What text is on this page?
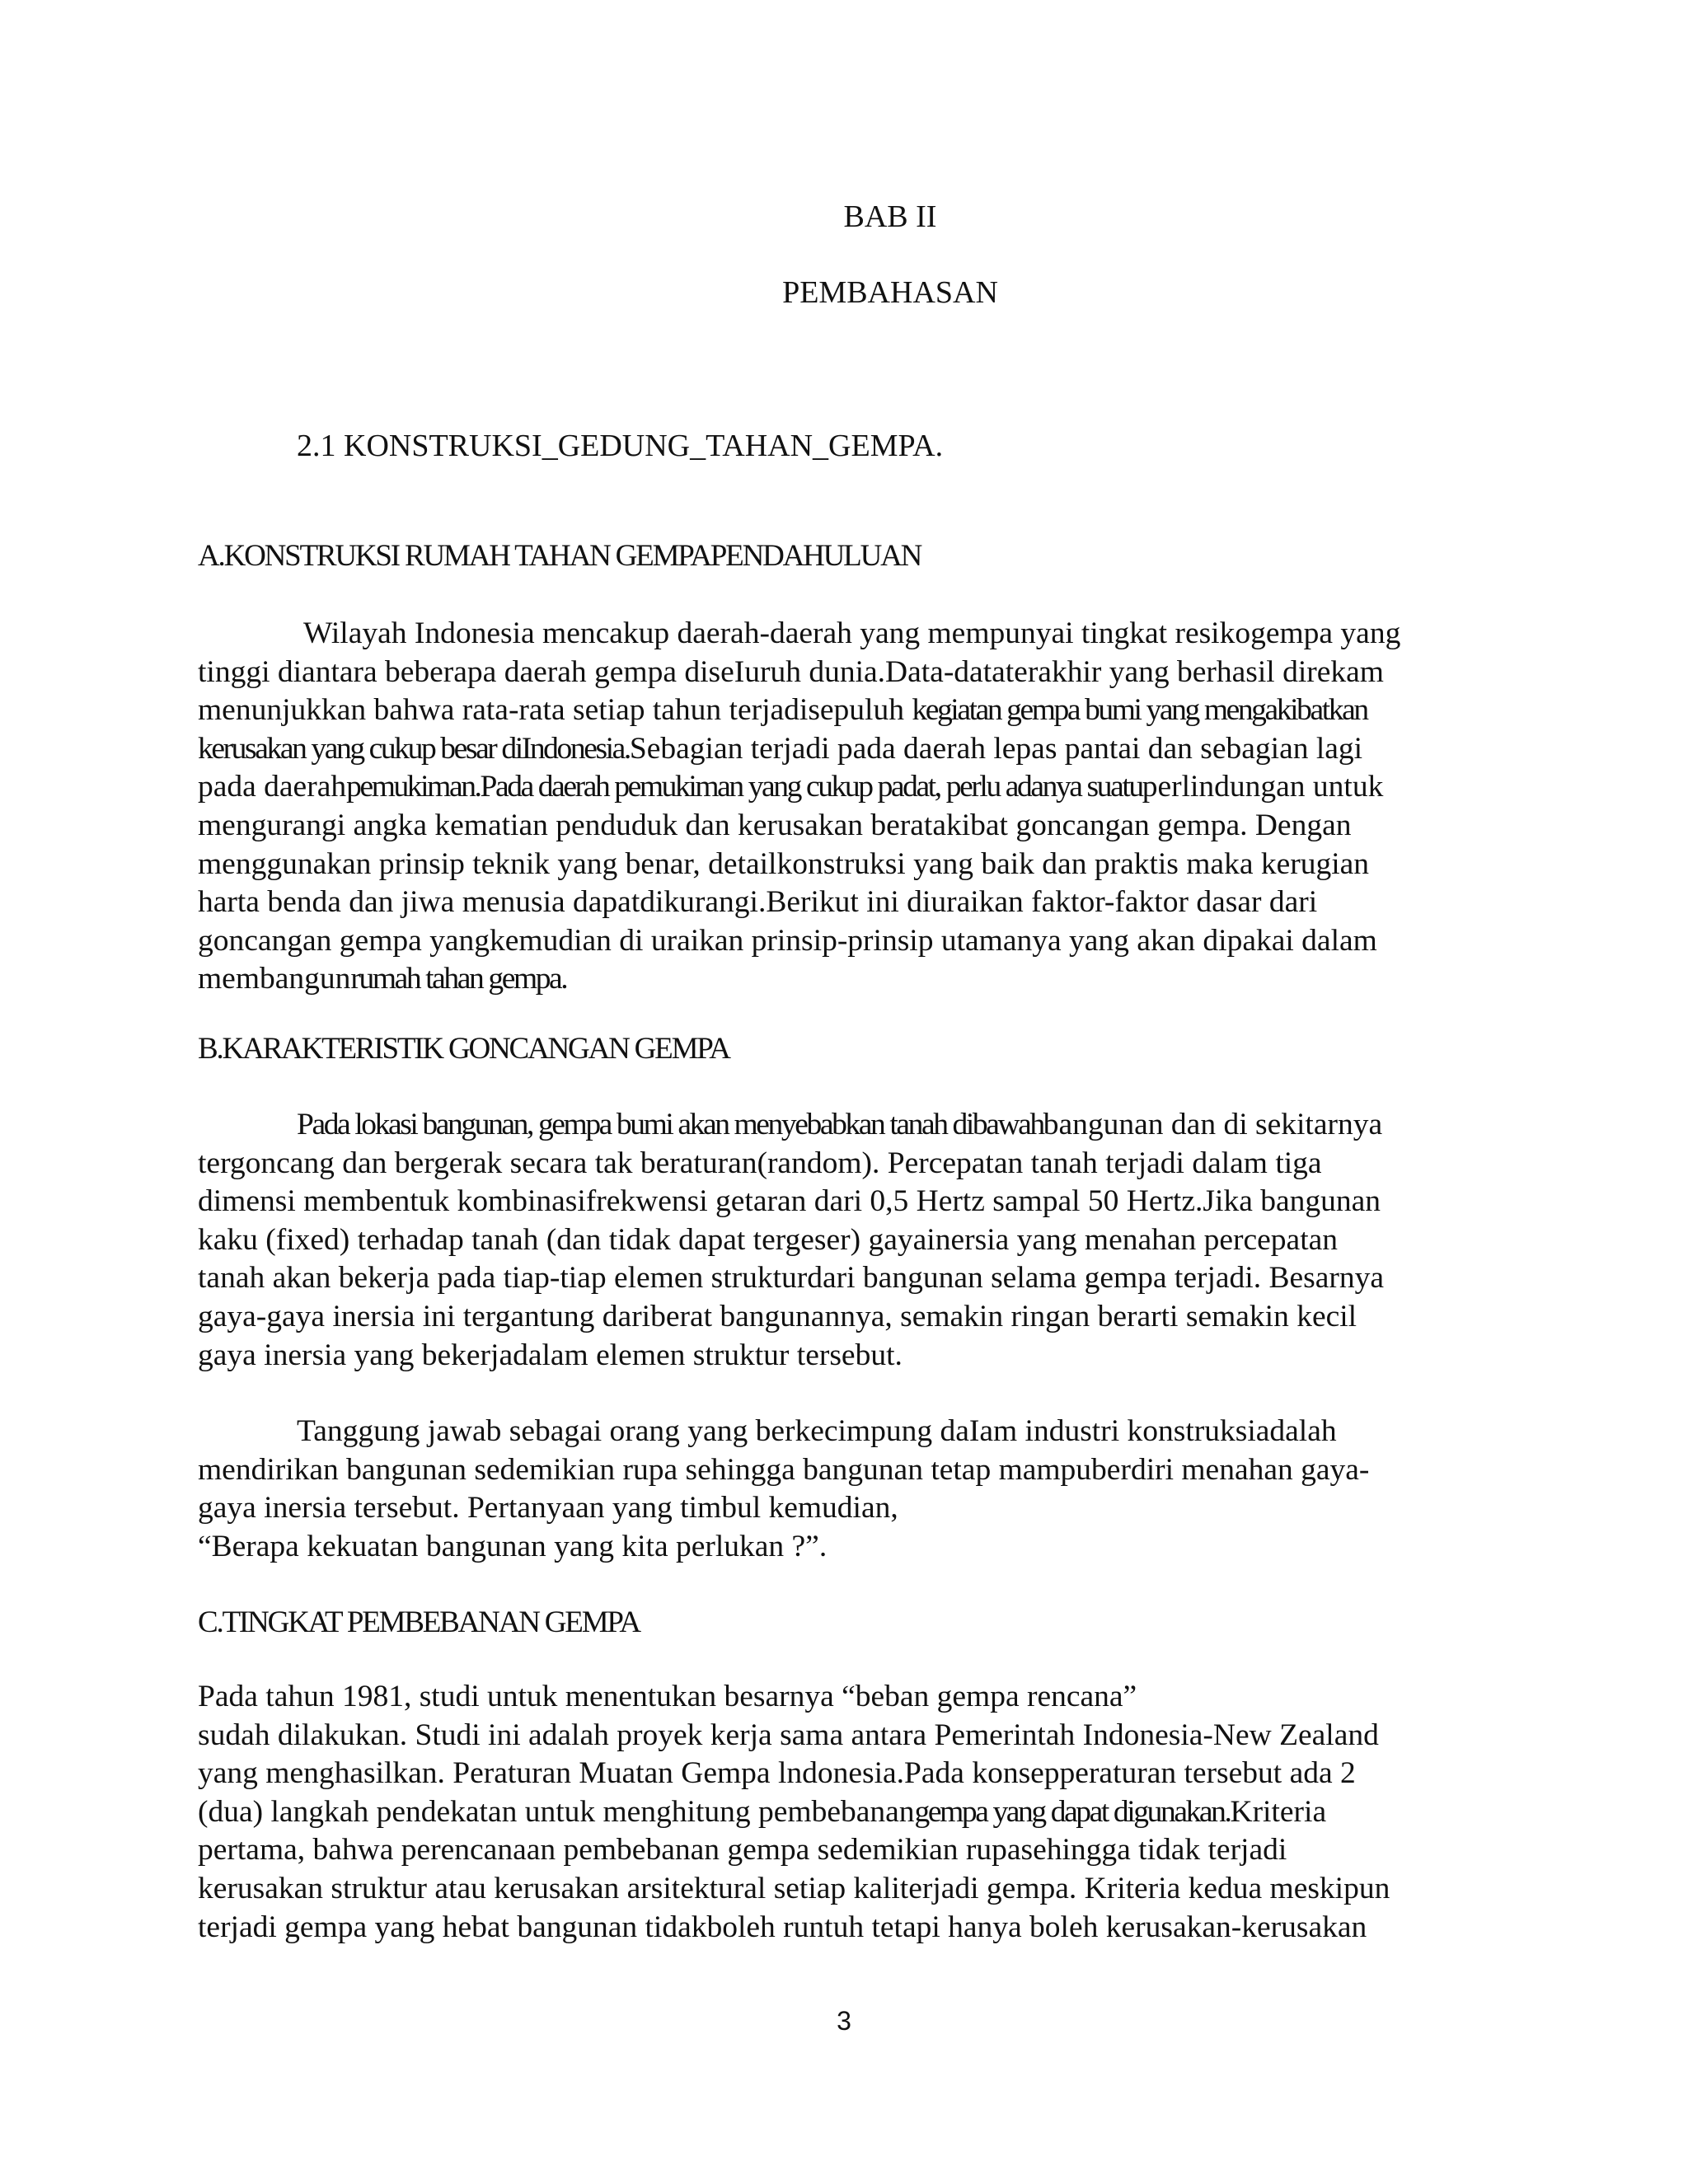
BAB II
PEMBAHASAN
2.1 KONSTRUKSI_GEDUNG_TAHAN_GEMPA.
A.KONSTRUKSI RUMAH TAHAN GEMPAPENDAHULUAN
Wilayah Indonesia mencakup daerah-daerah yang mempunyai tingkat resikogempa yang
tinggi diantara beberapa daerah gempa diseIuruh dunia.Data-dataterakhir yang berhasil direkam
menunjukkan bahwa rata-rata setiap tahun terjadisepuluh kegiatan gempa bumi yang mengakibatkan
kerusakan yang cukup besar diIndonesia.Sebagian terjadi pada daerah lepas pantai dan sebagian lagi
pada daerahpemukiman.Pada daerah pemukiman yang cukup padat, perlu adanya suatuperlindungan untuk
mengurangi angka kematian penduduk dan kerusakan beratakibat goncangan gempa. Dengan
menggunakan prinsip teknik yang benar, detailkonstruksi yang baik dan praktis maka kerugian
harta benda dan jiwa menusia dapatdikurangi.Berikut ini diuraikan faktor-faktor dasar dari
goncangan gempa yangkemudian di uraikan prinsip-prinsip utamanya yang akan dipakai dalam
membangunrumah tahan gempa.
B.KARAKTERISTIK GONCANGAN GEMPA
Pada lokasi bangunan, gempa bumi akan menyebabkan tanah dibawahbangunan dan di sekitarnya
tergoncang dan bergerak secara tak beraturan(random). Percepatan tanah terjadi dalam tiga
dimensi membentuk kombinasifrekwensi getaran dari 0,5 Hertz sampal 50 Hertz.Jika bangunan
kaku (fixed) terhadap tanah (dan tidak dapat tergeser) gayainersia yang menahan percepatan
tanah akan bekerja pada tiap-tiap elemen strukturdari bangunan selama gempa terjadi. Besarnya
gaya-gaya inersia ini tergantung dariberat bangunannya, semakin ringan berarti semakin kecil
gaya inersia yang bekerjadalam elemen struktur tersebut.
Tanggung jawab sebagai orang yang berkecimpung daIam industri konstruksiadalah
mendirikan bangunan sedemikian rupa sehingga bangunan tetap mampuberdiri menahan gaya-
gaya inersia tersebut. Pertanyaan yang timbul kemudian,
“Berapa kekuatan bangunan yang kita perlukan ?”.
C.TINGKAT PEMBEBANAN GEMPA
Pada tahun 1981, studi untuk menentukan besarnya “beban gempa rencana”
sudah dilakukan. Studi ini adalah proyek kerja sama antara Pemerintah Indonesia-New Zealand
yang menghasilkan. Peraturan Muatan Gempa lndonesia.Pada konsepperaturan tersebut ada 2
(dua) langkah pendekatan untuk menghitung pembebanangempa yang dapat digunakan.Kriteria
pertama, bahwa perencanaan pembebanan gempa sedemikian rupasehingga tidak terjadi
kerusakan struktur atau kerusakan arsitektural setiap kaliterjadi gempa. Kriteria kedua meskipun
terjadi gempa yang hebat bangunan tidakboleh runtuh tetapi hanya boleh kerusakan-kerusakan

3
